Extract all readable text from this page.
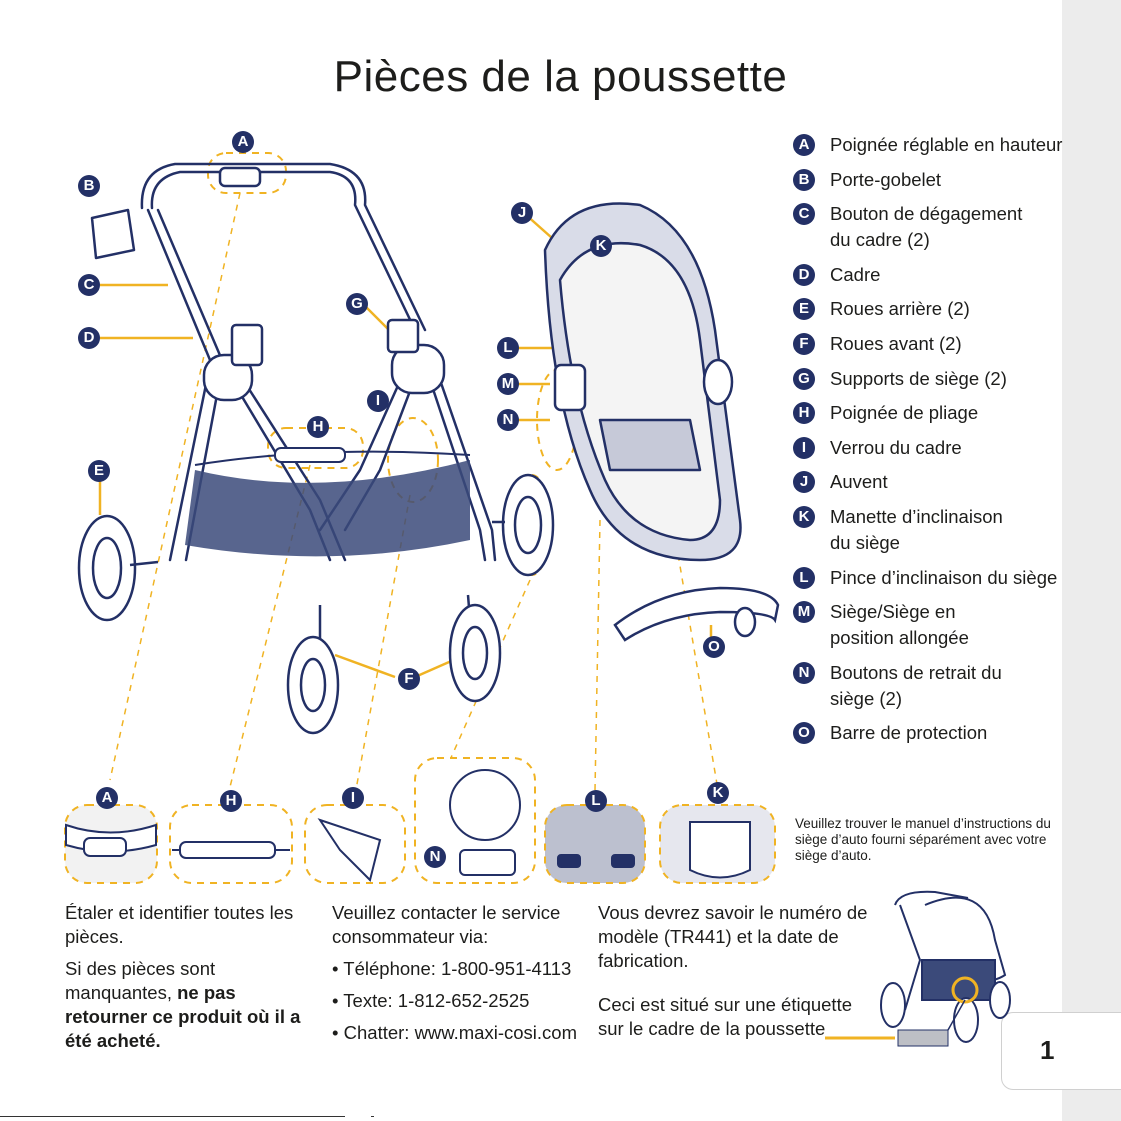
1
Pièces de la poussette
A
B
C
D
E
F
G
H
I
J
K
L
M
N
O
A	H	I
N
L	K
A	Poignée réglable en hauteur
B	Porte-gobelet
C	Bouton de dégagement
du cadre (2)
D	Cadre
E	Roues arrière (2)
F	Roues avant (2)
G Supports de siège (2)
H	Poignée de pliage
I	Verrou du cadre
J	Auvent
K	Manette d’inclinaison
du siège
L	Pince d’inclinaison du siège
M Siège/Siège en
position allongée
N	Boutons de retrait du
siège (2)
O Barre de protection
Veuillez trouver le manuel d’instructions du siège d’auto fourni séparément avec votre siège d’auto.

Étaler et identifier toutes les pièces.

Si des pièces sont manquantes, ne pas retourner ce produit où il a été acheté.

Veuillez contacter le service consommateur via:

• Téléphone: 1-800-951-4113
• Texte: 1-812-652-2525
• Chatter: www.maxi-cosi.com

Vous devrez savoir le numéro de modèle (TR441) et la date de fabrication.

Ceci est situé sur une étiquette sur le cadre de la poussette
